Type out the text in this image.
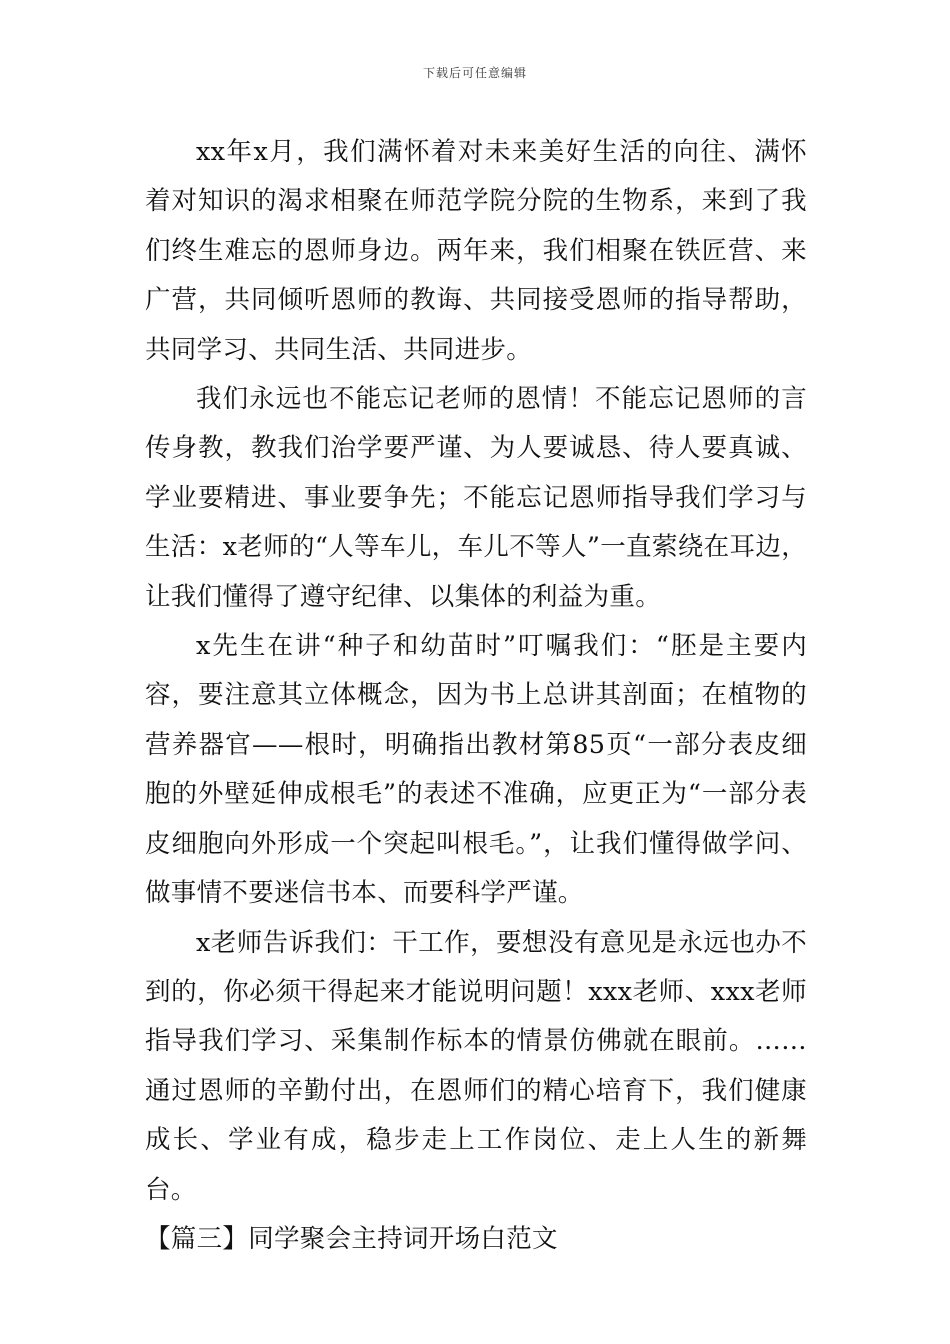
下载后可任意编辑

xx年x月，我们满怀着对未来美好生活的向往、满怀着对知识的渴求相聚在师范学院分院的生物系，来到了我们终生难忘的恩师身边。两年来，我们相聚在铁匠营、来广营，共同倾听恩师的教诲、共同接受恩师的指导帮助，共同学习、共同生活、共同进步。

我们永远也不能忘记老师的恩情！不能忘记恩师的言传身教，教我们治学要严谨、为人要诚恳、待人要真诚、学业要精进、事业要争先；不能忘记恩师指导我们学习与生活：x老师的“人等车儿，车儿不等人”一直萦绕在耳边，让我们懂得了遵守纪律、以集体的利益为重。

x先生在讲“种子和幼苗时”叮嘱我们：“胚是主要内容，要注意其立体概念，因为书上总讲其剖面；在植物的营养器官——根时，明确指出教材第85页“一部分表皮细胞的外壁延伸成根毛”的表述不准确，应更正为“一部分表皮细胞向外形成一个突起叫根毛。”，让我们懂得做学问、做事情不要迷信书本、而要科学严谨。

x老师告诉我们：干工作，要想没有意见是永远也办不到的，你必须干得起来才能说明问题！xxx老师、xxx老师指导我们学习、采集制作标本的情景仿佛就在眼前。……通过恩师的辛勤付出，在恩师们的精心培育下，我们健康成长、学业有成，稳步走上工作岗位、走上人生的新舞台。

【篇三】同学聚会主持词开场白范文
